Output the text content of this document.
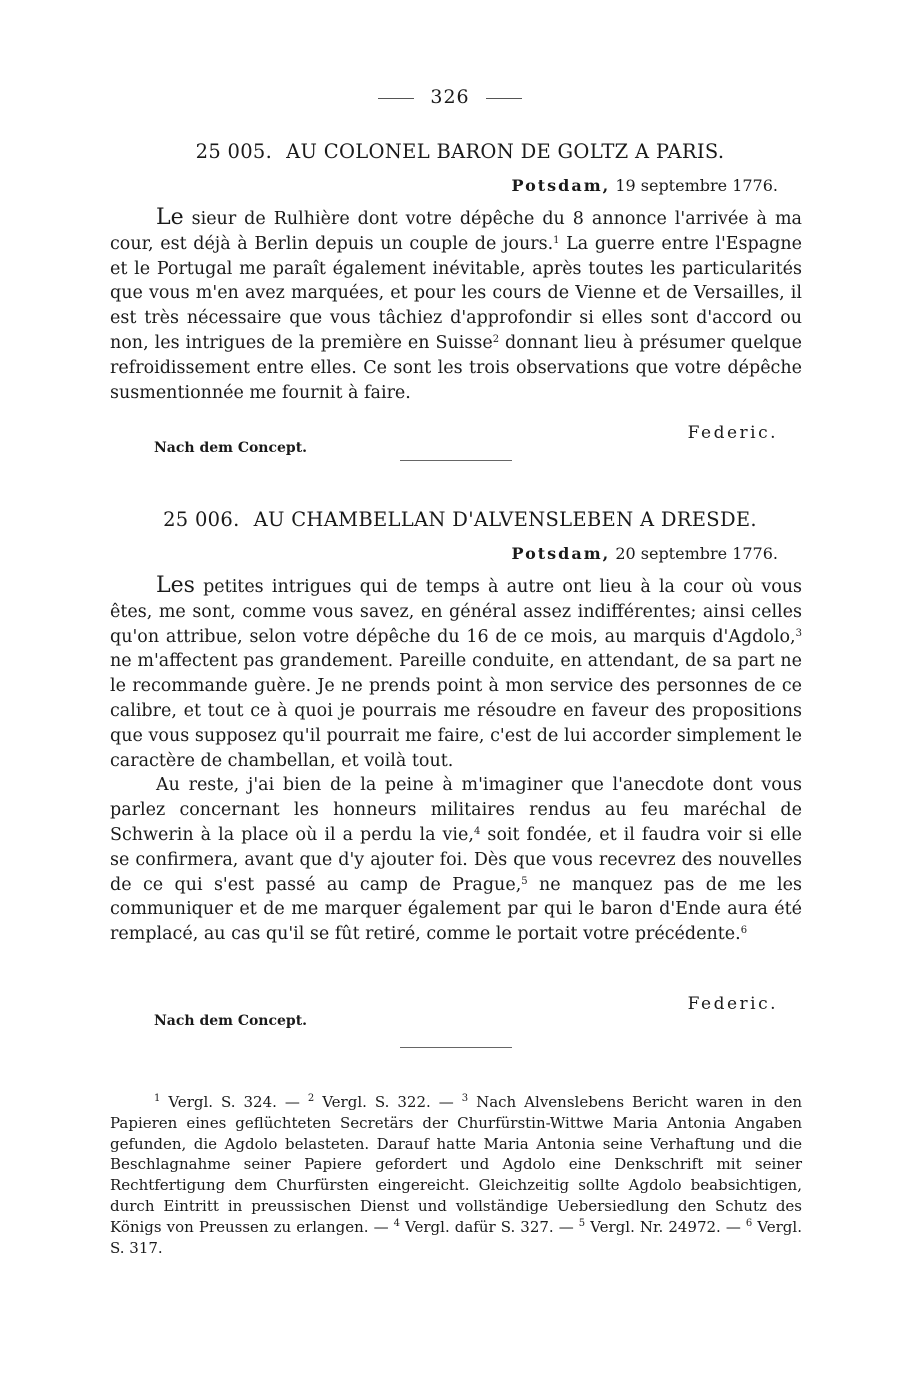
326
25 005. AU COLONEL BARON DE GOLTZ A PARIS.
Potsdam, 19 septembre 1776.

Le sieur de Rulhière dont votre dépêche du 8 annonce l'arrivée à ma cour, est déjà à Berlin depuis un couple de jours.$^1$ La guerre entre l'Espagne et le Portugal me paraît également inévitable, après toutes les particularités que vous m'en avez marquées, et pour les cours de Vienne et de Versailles, il est très nécessaire que vous tâchiez d'approfondir si elles sont d'accord ou non, les intrigues de la première en Suisse$^2$ donnant lieu à présumer quelque refroidissement entre elles. Ce sont les trois observations que votre dépêche susmentionnée me fournit à faire.

Federic.
Nach dem Concept.
25 006. AU CHAMBELLAN D'ALVENSLEBEN A DRESDE.
Potsdam, 20 septembre 1776.

Les petites intrigues qui de temps à autre ont lieu à la cour où vous êtes, me sont, comme vous savez, en général assez indifférentes; ainsi celles qu'on attribue, selon votre dépêche du 16 de ce mois, au marquis d'Agdolo,$^3$ ne m'affectent pas grandement. Pareille conduite, en attendant, de sa part ne le recommande guère. Je ne prends point à mon service des personnes de ce calibre, et tout ce à quoi je pourrais me résoudre en faveur des propositions que vous supposez qu'il pourrait me faire, c'est de lui accorder simplement le caractère de chambellan, et voilà tout.

Au reste, j'ai bien de la peine à m'imaginer que l'anecdote dont vous parlez concernant les honneurs militaires rendus au feu maréchal de Schwerin à la place où il a perdu la vie,$^4$ soit fondée, et il faudra voir si elle se confirmera, avant que d'y ajouter foi. Dès que vous recevrez des nouvelles de ce qui s'est passé au camp de Prague,$^5$ ne manquez pas de me les communiquer et de me marquer également par qui le baron d'Ende aura été remplacé, au cas qu'il se fût retiré, comme le portait votre précédente.$^6$

Federic.
Nach dem Concept.

$^1$ Vergl. S. 324. — $^2$ Vergl. S. 322. — $^3$ Nach Alvenslebens Bericht waren in den Papieren eines geflüchteten Secretärs der Churfürstin-Wittwe Maria Antonia Angaben gefunden, die Agdolo belasteten. Darauf hatte Maria Antonia seine Verhaftung und die Beschlagnahme seiner Papiere gefordert und Agdolo eine Denkschrift mit seiner Rechtfertigung dem Churfürsten eingereicht. Gleichzeitig sollte Agdolo beabsichtigen, durch Eintritt in preussischen Dienst und vollständige Uebersiedlung den Schutz des Königs von Preussen zu erlangen. — $^4$ Vergl. dafür S. 327. — $^5$ Vergl. Nr. 24972. — $^6$ Vergl. S. 317.
